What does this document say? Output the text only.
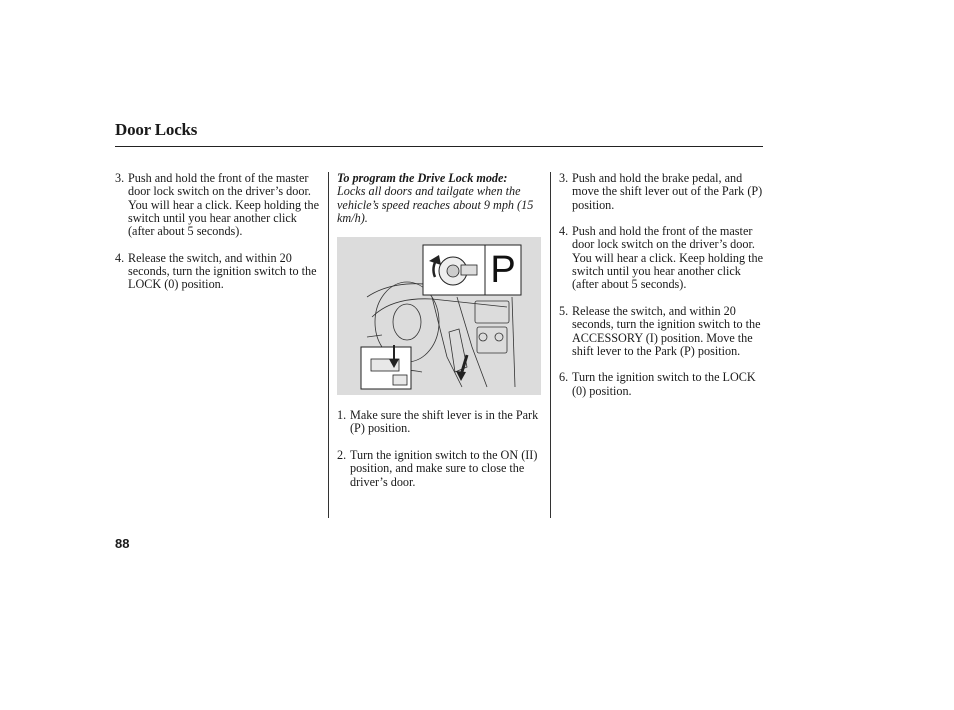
Door Locks
3. Push and hold the front of the master door lock switch on the driver’s door. You will hear a click. Keep holding the switch until you hear another click (after about 5 seconds).
4. Release the switch, and within 20 seconds, turn the ignition switch to the LOCK (0) position.
To program the Drive Lock mode:
Locks all doors and tailgate when the vehicle’s speed reaches about 9 mph (15 km/h).
P
1. Make sure the shift lever is in the Park (P) position.
2. Turn the ignition switch to the ON (II) position, and make sure to close the driver’s door.
3. Push and hold the brake pedal, and move the shift lever out of the Park (P) position.
4. Push and hold the front of the master door lock switch on the driver’s door. You will hear a click. Keep holding the switch until you hear another click (after about 5 seconds).
5. Release the switch, and within 20 seconds, turn the ignition switch to the ACCESSORY (I) position. Move the shift lever to the Park (P) position.
6. Turn the ignition switch to the LOCK (0) position.
88
